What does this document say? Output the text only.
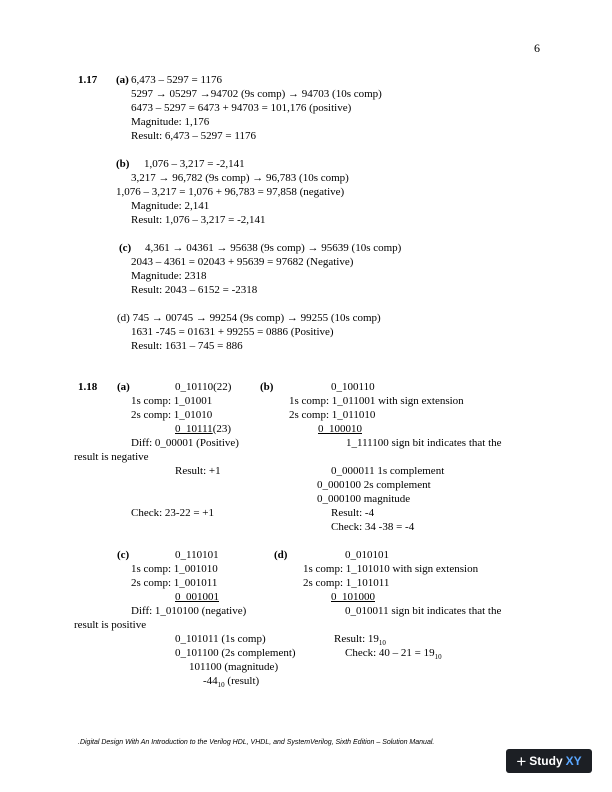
6
1.17 (a) 6,473 – 5297 = 1176
5297 → 05297 →94702 (9s comp) → 94703 (10s comp)
6473 – 5297 = 6473 + 94703 = 101,176 (positive)
Magnitude: 1,176
Result: 6,473 – 5297 = 1176
(b) 1,076 – 3,217 = -2,141
3,217 → 96,782 (9s comp) → 96,783 (10s comp)
1,076 – 3,217 = 1,076 + 96,783 = 97,858 (negative)
Magnitude: 2,141
Result: 1,076 – 3,217 = -2,141
(c) 4,361 → 04361 → 95638 (9s comp) → 95639 (10s comp)
2043 – 4361 = 02043 + 95639 = 97682 (Negative)
Magnitude: 2318
Result: 2043 – 6152 = -2318
(d) 745 → 00745 → 99254 (9s comp) → 99255 (10s comp)
1631 -745 = 01631 + 99255 = 0886 (Positive)
Result: 1631 – 745 = 886
1.18 (a)	0_10110(22)
1s comp: 1_01001
2s comp: 1_01010
0_10111(23)
Diff: 0_00001 (Positive)
Result: +1
Check: 23-22 = +1
(b)	0_100110
1s comp: 1_011001 with sign extension
2s comp: 1_011010
0_100010
1_111100 sign bit indicates that the
result is negative
0_000011 1s complement
0_000100 2s complement
0_000100 magnitude
Result: -4
Check: 34 -38 = -4
(c)	0_110101
1s comp: 1_001010
2s comp: 1_001011
0_001001
Diff: 1_010100 (negative)
0_101011 (1s comp)
0_101100 (2s complement)
101100 (magnitude)
$-44_{10}$ (result)
(d)	0_010101
1s comp: 1_101010 with sign extension
2s comp: 1_101011
0_101000
0_010011 sign bit indicates that the
result is positive
Result: $19_{10}$
Check: $40 - 21 = 19_{10}$
.Digital Design With An Introduction to the Verilog HDL, VHDL, and SystemVerilog, Sixth Edition – Solution Manual.
+ Study XY
